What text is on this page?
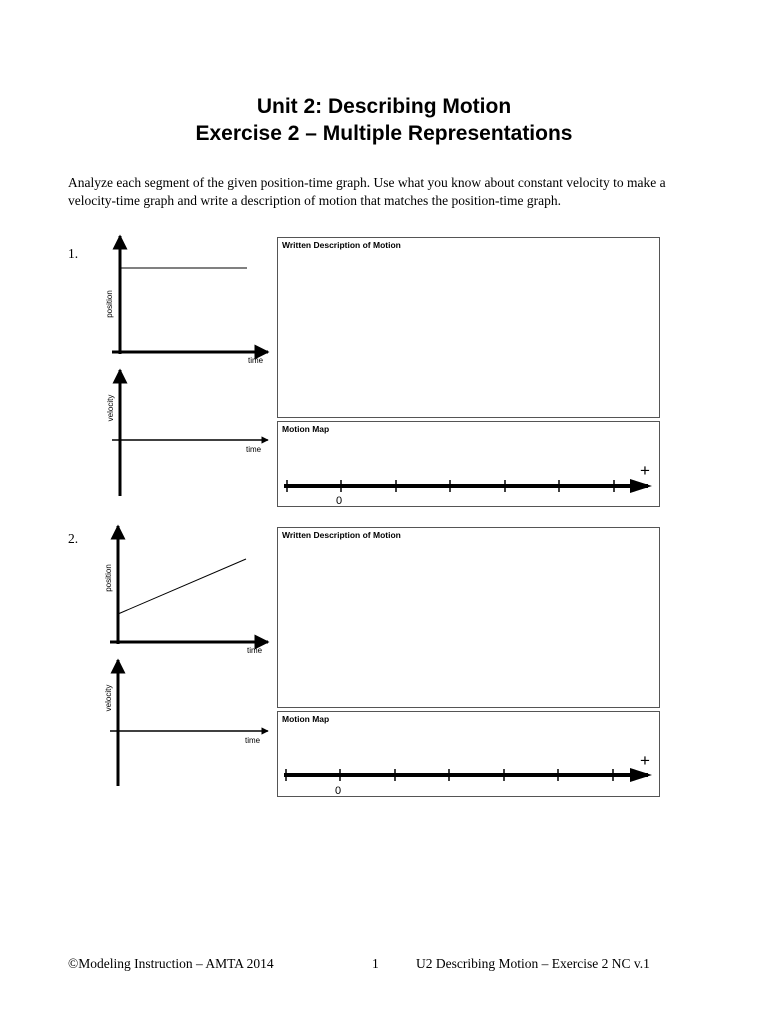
Unit 2: Describing Motion
Exercise 2 – Multiple Representations
Analyze each segment of the given position-time graph. Use what you know about constant velocity to make a velocity-time graph and write a description of motion that matches the position-time graph.
1.
position
time
velocity
time
Written Description of Motion
Motion Map
0
+
2.
position
time
velocity
time
Written Description of Motion
Motion Map
0
+
©Modeling Instruction – AMTA 2014	1	U2 Describing Motion – Exercise 2 NC v.1
